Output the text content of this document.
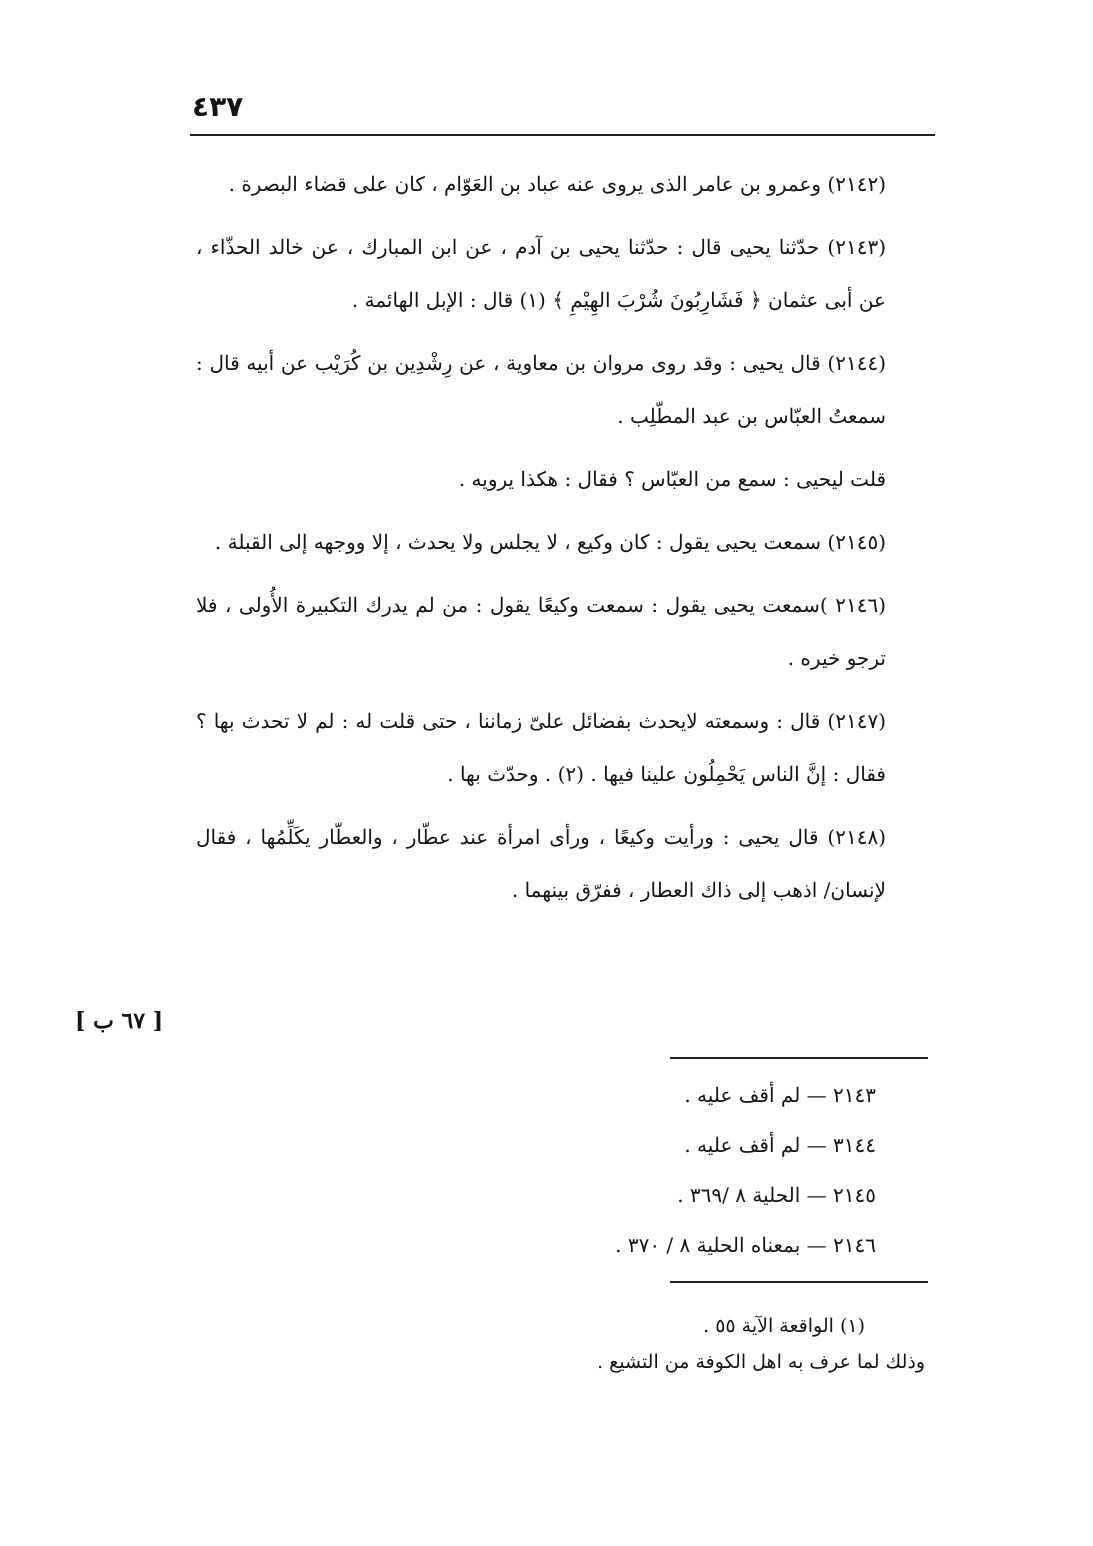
٤٣٧

(٢١٤٢) وعمرو بن عامر الذى يروى عنه عباد بن العَوّام ، كان على قضاء البصرة .

(٢١٤٣) حدّثنا يحيى قال : حدّثنا يحيى بن آدم ، عن ابن المبارك ، عن خالد الحذّاء ، عن أبى عثمان ﴿ فَشَارِبُونَ شُرْبَ الهِيْمِ ﴾ (١) قال : الإبل الهائمة .

(٢١٤٤) قال يحيى : وقد روى مروان بن معاوية ، عن رِشْدِين بن كُرَيْب عن أبيه قال : سمعتُ العبّاس بن عبد المطّلِب .

قلت ليحيى : سمع من العبّاس ؟ فقال : هكذا يرويه .

(٢١٤٥) سمعت يحيى يقول : كان وكيع ، لا يجلس ولا يحدث ، إلا ووجهه إلى القبلة .

(٢١٤٦ )سمعت يحيى يقول : سمعت وكيعًا يقول : من لم يدرك التكبيرة الأُولى ، فلا ترجو خيره .

(٢١٤٧) قال : وسمعته لايحدث بفضائل علىّ زماننا ، حتى قلت له : لم لا تحدث بها ؟ فقال : إنَّ الناس يَحْمِلُون علينا فيها . (٢) . وحدّث بها .

(٢١٤٨) قال يحيى : ورأيت وكيعًا ، ورأى امرأة عند عطّار ، والعطّار يكَلِّمُها ، فقال لإنسان/ اذهب إلى ذاك العطار ، ففرّق بينهما .

[ ٦٧ ب ]
٢١٤٣ — لم أقف عليه .
٣١٤٤ — لم أقف عليه .
٢١٤٥ — الحلية ٨ /٣٦٩ .
٢١٤٦ — بمعناه الحلية ٨ / ٣٧٠ .
(١) الواقعة الآية ٥٥ .
وذلك لما عرف به اهل الكوفة من التشيع .
